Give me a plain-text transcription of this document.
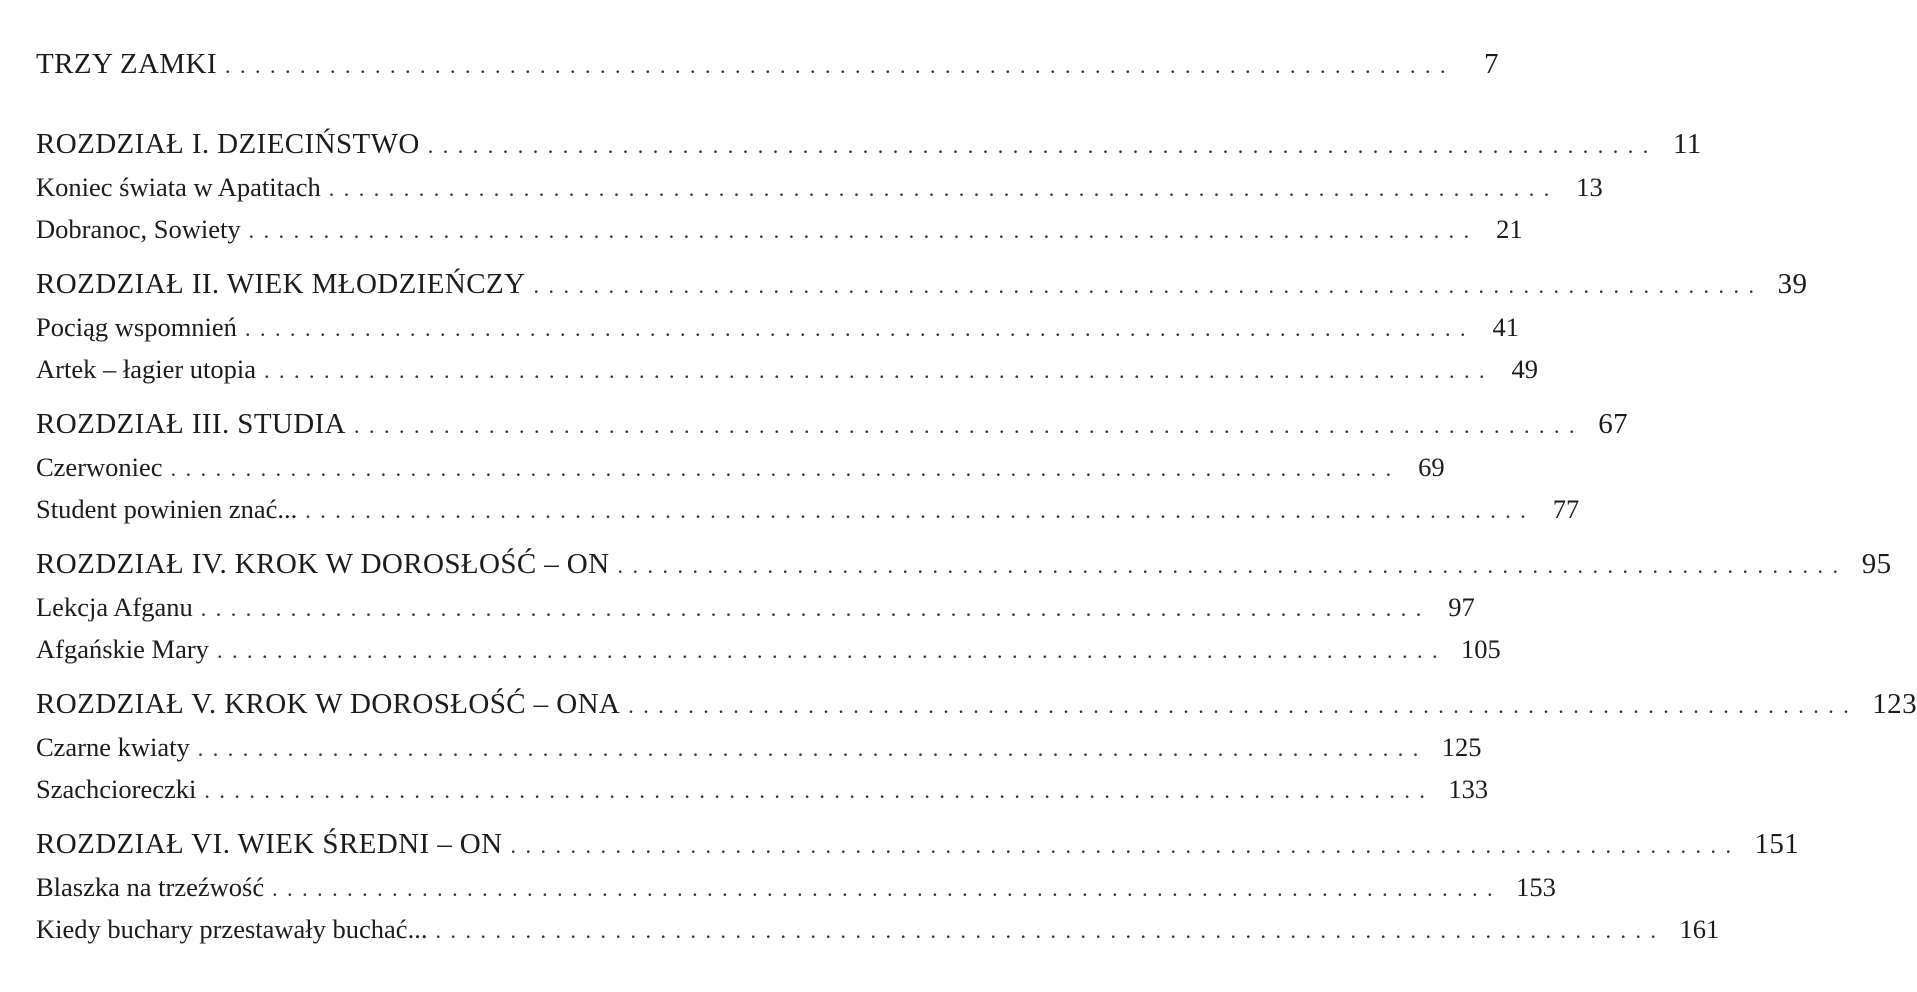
TRZY ZAMKI ..................................................................................	7
ROZDZIAŁ I. DZIECIŃSTWO .................................................................................. 11
Koniec świata w Apatitach .................................................................................. 13
Dobranoc, Sowiety .................................................................................. 21
ROZDZIAŁ II. WIEK MŁODZIEŃCZY .................................................................................. 39
Pociąg wspomnień .................................................................................. 41
Artek – łagier utopia .................................................................................. 49
ROZDZIAŁ III. STUDIA .................................................................................. 67
Czerwoniec .................................................................................. 69
Student powinien znać... .................................................................................. 77
ROZDZIAŁ IV. KROK W DOROSŁOŚĆ – ON .................................................................................. 95
Lekcja Afganu .................................................................................. 97
Afgańskie Mary .................................................................................. 105
ROZDZIAŁ V. KROK W DOROSŁOŚĆ – ONA .................................................................................. 123
Czarne kwiaty .................................................................................. 125
Szachcioreczki .................................................................................. 133
ROZDZIAŁ VI. WIEK ŚREDNI – ON .................................................................................. 151
Blaszka na trzeźwość .................................................................................. 153
Kiedy buchary przestawały buchać... .................................................................................. 161
